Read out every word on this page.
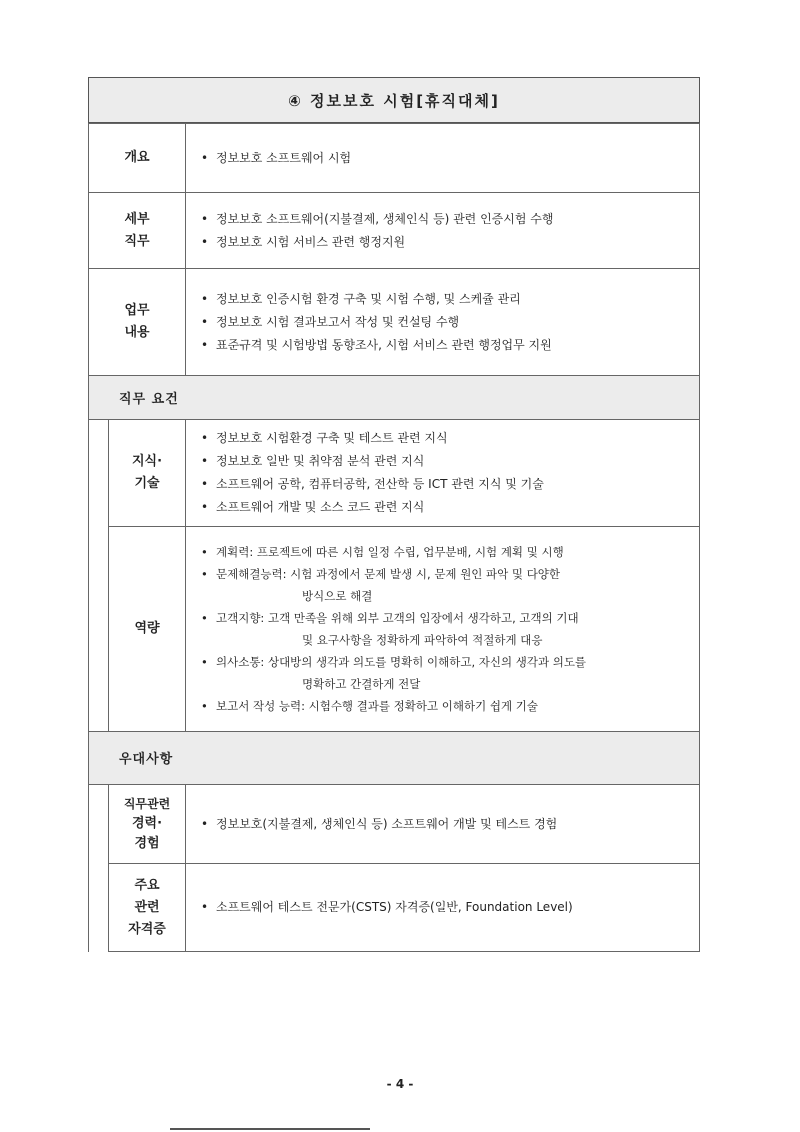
④ 정보보호 시험[휴직대체]
개요
•	정보보호 소프트웨어 시험
세부
직무
• 정보보호 소프트웨어(지불결제, 생체인식 등) 관련 인증시험 수행
• 정보보호 시험 서비스 관련 행정지원
업무
내용
• 정보보호 인증시험 환경 구축 및 시험 수행, 및 스케쥴 관리
• 정보보호 시험 결과보고서 작성 및 컨설팅 수행
• 표준규격 및 시험방법 동향조사, 시험 서비스 관련 행정업무 지원
직무 요건
지식·
기술
• 정보보호 시험환경 구축 및 테스트 관련 지식
• 정보보호 일반 및 취약점 분석 관련 지식
• 소프트웨어 공학, 컴퓨터공학, 전산학 등 ICT 관련 지식 및 기술
• 소프트웨어 개발 및 소스 코드 관련 지식
역량
• 계획력: 프로젝트에 따른 시험 일정 수립, 업무분배, 시험 계획 및 시행
• 문제해결능력: 시험 과정에서 문제 발생 시, 문제 원인 파악 및 다양한
방식으로 해결
• 고객지향: 고객 만족을 위해 외부 고객의 입장에서 생각하고, 고객의 기대
및 요구사항을 정확하게 파악하여 적절하게 대응
• 의사소통: 상대방의 생각과 의도를 명확히 이해하고, 자신의 생각과 의도를
명확하고 간결하게 전달
• 보고서 작성 능력: 시험수행 결과를 정확하고 이해하기 쉽게 기술
우대사항
직무관련
경력·
경험
• 정보보호(지불결제, 생체인식 등) 소프트웨어 개발 및 테스트 경험
주요
관련
자격증
• 소프트웨어 테스트 전문가(CSTS) 자격증(일반, Foundation Level)
- 4 -
